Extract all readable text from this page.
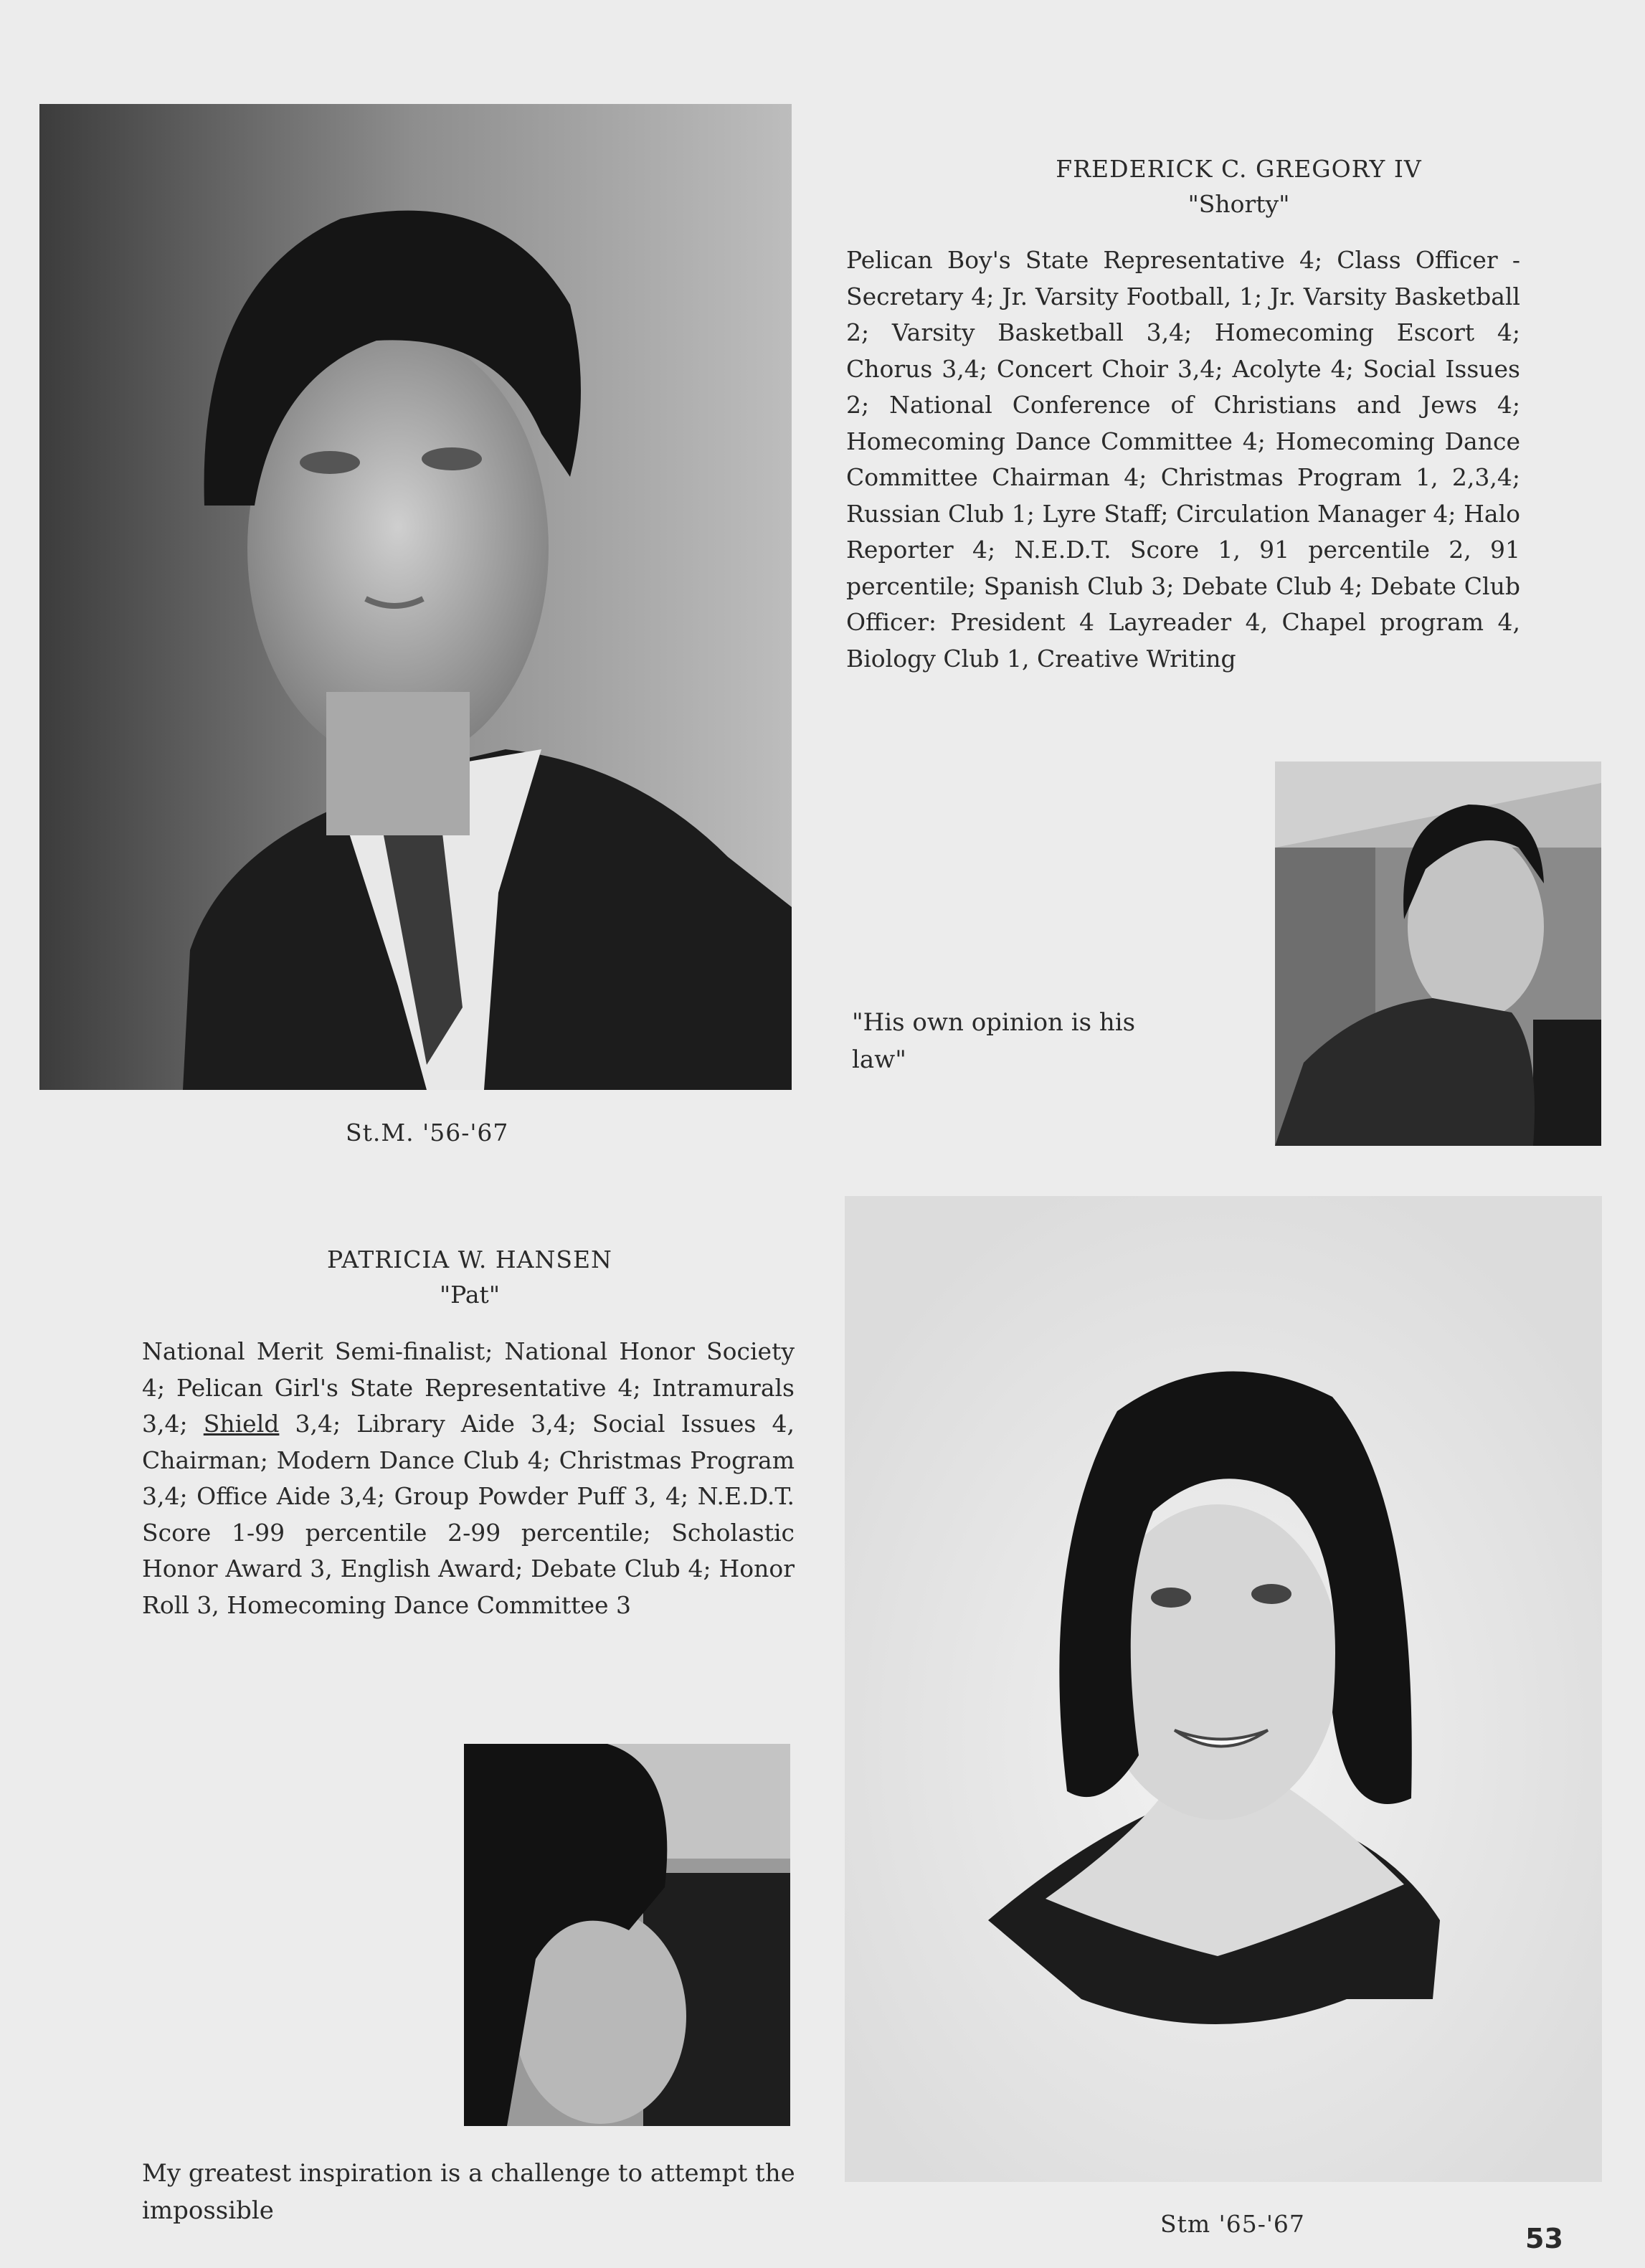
St.M. '56-'67
FREDERICK C. GREGORY IV
"Shorty"
Pelican Boy's State Representative 4; Class Officer - Secretary 4; Jr. Varsity Football, 1; Jr. Varsity Basketball 2; Varsity Basketball 3,4; Homecoming Escort 4; Chorus 3,4; Concert Choir 3,4; Acolyte 4; Social Issues 2; National Conference of Christians and Jews 4; Homecoming Dance Committee 4; Homecoming Dance Committee Chairman 4; Christmas Program 1, 2,3,4; Russian Club 1; Lyre Staff; Circulation Manager 4; Halo Reporter 4; N.E.D.T. Score 1, 91 percentile 2, 91 percentile; Spanish Club 3; Debate Club 4; Debate Club Officer: President 4 Layreader 4, Chapel program 4, Biology Club 1, Creative Writing
"His own opinion is his law"
PATRICIA W. HANSEN
"Pat"
National Merit Semi-finalist; National Honor Society 4; Pelican Girl's State Representative 4; Intramurals 3,4; Shield 3,4; Library Aide 3,4; Social Issues 4, Chairman; Modern Dance Club 4; Christmas Program 3,4; Office Aide 3,4; Group Powder Puff 3, 4; N.E.D.T. Score 1-99 percentile 2-99 percentile; Scholastic Honor Award 3, English Award; Debate Club 4; Honor Roll 3, Homecoming Dance Committee 3
My greatest inspiration is a challenge to attempt the impossible	Stm '65-'67	53
